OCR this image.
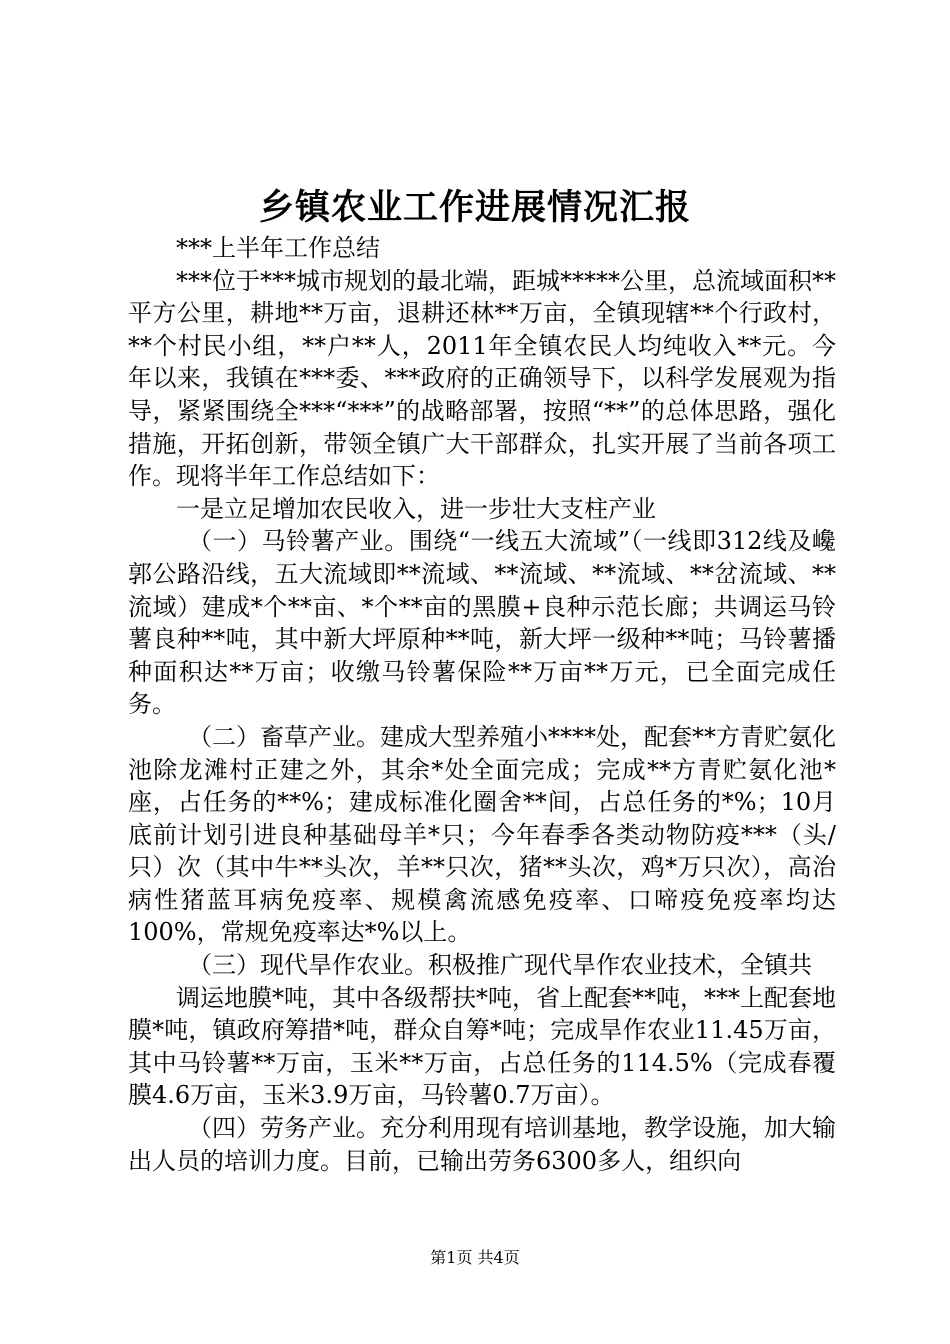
乡镇农业工作进展情况汇报

***上半年工作总结

***位于***城市规划的最北端，距城*****公里，总流域面积**平方公里，耕地**万亩，退耕还林**万亩，全镇现辖**个行政村，**个村民小组，**户**人，2011年全镇农民人均纯收入**元。今年以来，我镇在***委、***政府的正确领导下，以科学发展观为指导，紧紧围绕全***“***”的战略部署，按照“**”的总体思路，强化措施，开拓创新，带领全镇广大干部群众，扎实开展了当前各项工作。现将半年工作总结如下：

一是立足增加农民收入，进一步壮大支柱产业

（一）马铃薯产业。围绕“一线五大流域”（一线即312线及巉郭公路沿线，五大流域即**流域、**流域、**流域、**岔流域、**流域）建成*个**亩、*个**亩的黑膜+良种示范长廊；共调运马铃薯良种**吨，其中新大坪原种**吨，新大坪一级种**吨；马铃薯播种面积达**万亩；收缴马铃薯保险**万亩**万元，已全面完成任务。

（二）畜草产业。建成大型养殖小****处，配套**方青贮氨化池除龙滩村正建之外，其余*处全面完成；完成**方青贮氨化池*座，占任务的**%；建成标准化圈舍**间，占总任务的*%；10月底前计划引进良种基础母羊*只；今年春季各类动物防疫***（头/只）次（其中牛**头次，羊**只次，猪**头次，鸡*万只次），高治病性猪蓝耳病免疫率、规模禽流感免疫率、口啼疫免疫率均达100%，常规免疫率达*%以上。

（三）现代旱作农业。积极推广现代旱作农业技术，全镇共

调运地膜*吨，其中各级帮扶*吨，省上配套**吨，***上配套地膜*吨，镇政府筹措*吨，群众自筹*吨；完成旱作农业11.45万亩，其中马铃薯**万亩，玉米**万亩，占总任务的114.5%（完成春覆膜4.6万亩，玉米3.9万亩，马铃薯0.7万亩）。

（四）劳务产业。充分利用现有培训基地，教学设施，加大输出人员的培训力度。目前，已输出劳务6300多人，组织向

第1页 共4页
